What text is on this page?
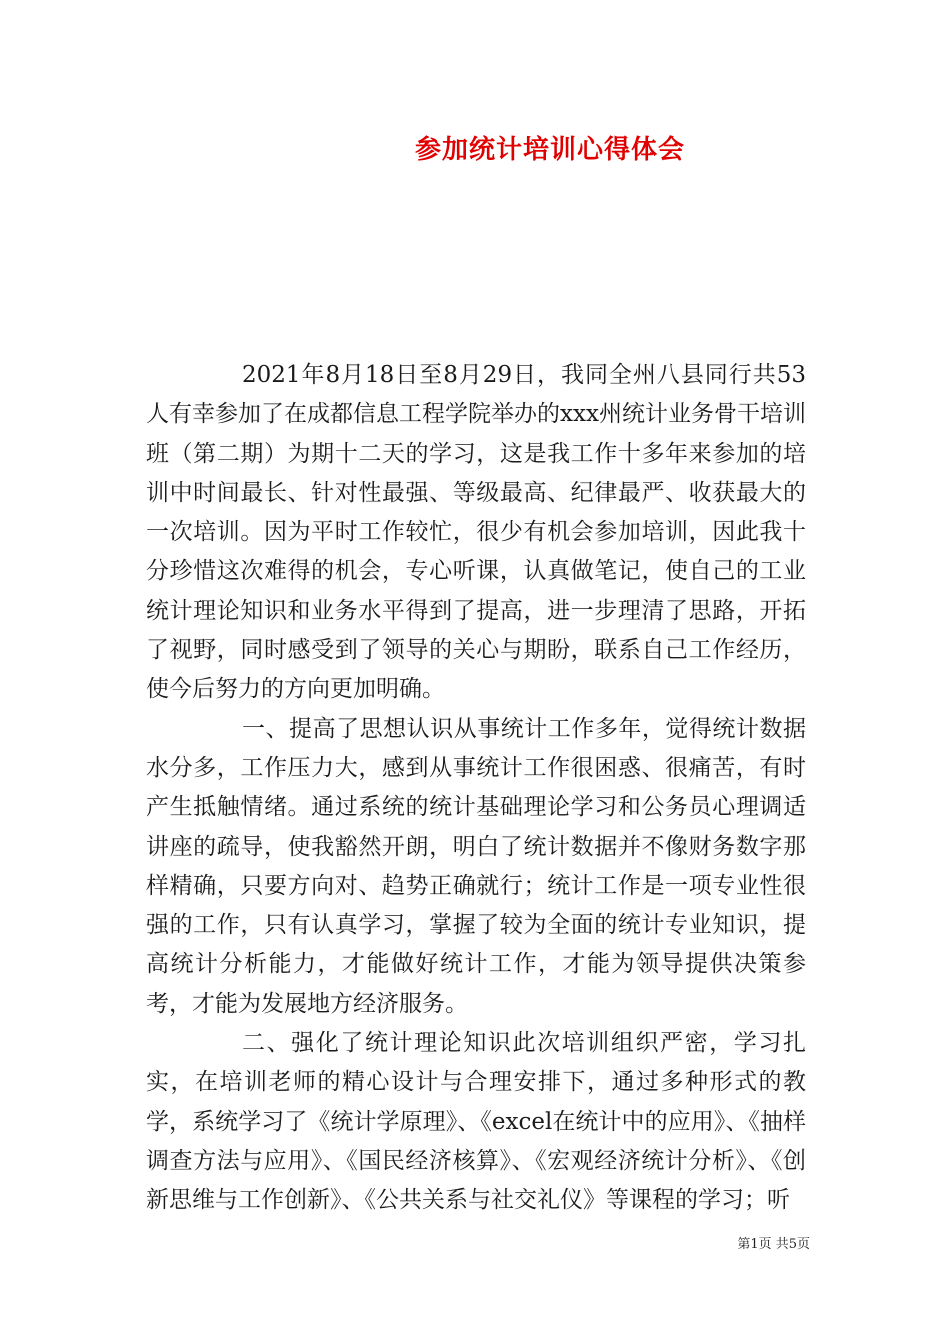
参加统计培训心得体会

2021年8月18日至8月29日，我同全州八县同行共53人有幸参加了在成都信息工程学院举办的xxx州统计业务骨干培训班（第二期）为期十二天的学习，这是我工作十多年来参加的培训中时间最长、针对性最强、等级最高、纪律最严、收获最大的一次培训。因为平时工作较忙，很少有机会参加培训，因此我十分珍惜这次难得的机会，专心听课，认真做笔记，使自己的工业统计理论知识和业务水平得到了提高，进一步理清了思路，开拓了视野，同时感受到了领导的关心与期盼，联系自己工作经历，使今后努力的方向更加明确。

一、提高了思想认识从事统计工作多年，觉得统计数据水分多，工作压力大，感到从事统计工作很困惑、很痛苦，有时产生抵触情绪。通过系统的统计基础理论学习和公务员心理调适讲座的疏导，使我豁然开朗，明白了统计数据并不像财务数字那样精确，只要方向对、趋势正确就行；统计工作是一项专业性很强的工作，只有认真学习，掌握了较为全面的统计专业知识，提高统计分析能力，才能做好统计工作，才能为领导提供决策参考，才能为发展地方经济服务。

二、强化了统计理论知识此次培训组织严密，学习扎实，在培训老师的精心设计与合理安排下，通过多种形式的教学，系统学习了《统计学原理》、《excel在统计中的应用》、《抽样调查方法与应用》、《国民经济核算》、《宏观经济统计分析》、《创新思维与工作创新》、《公共关系与社交礼仪》等课程的学习；听

第1页 共5页
